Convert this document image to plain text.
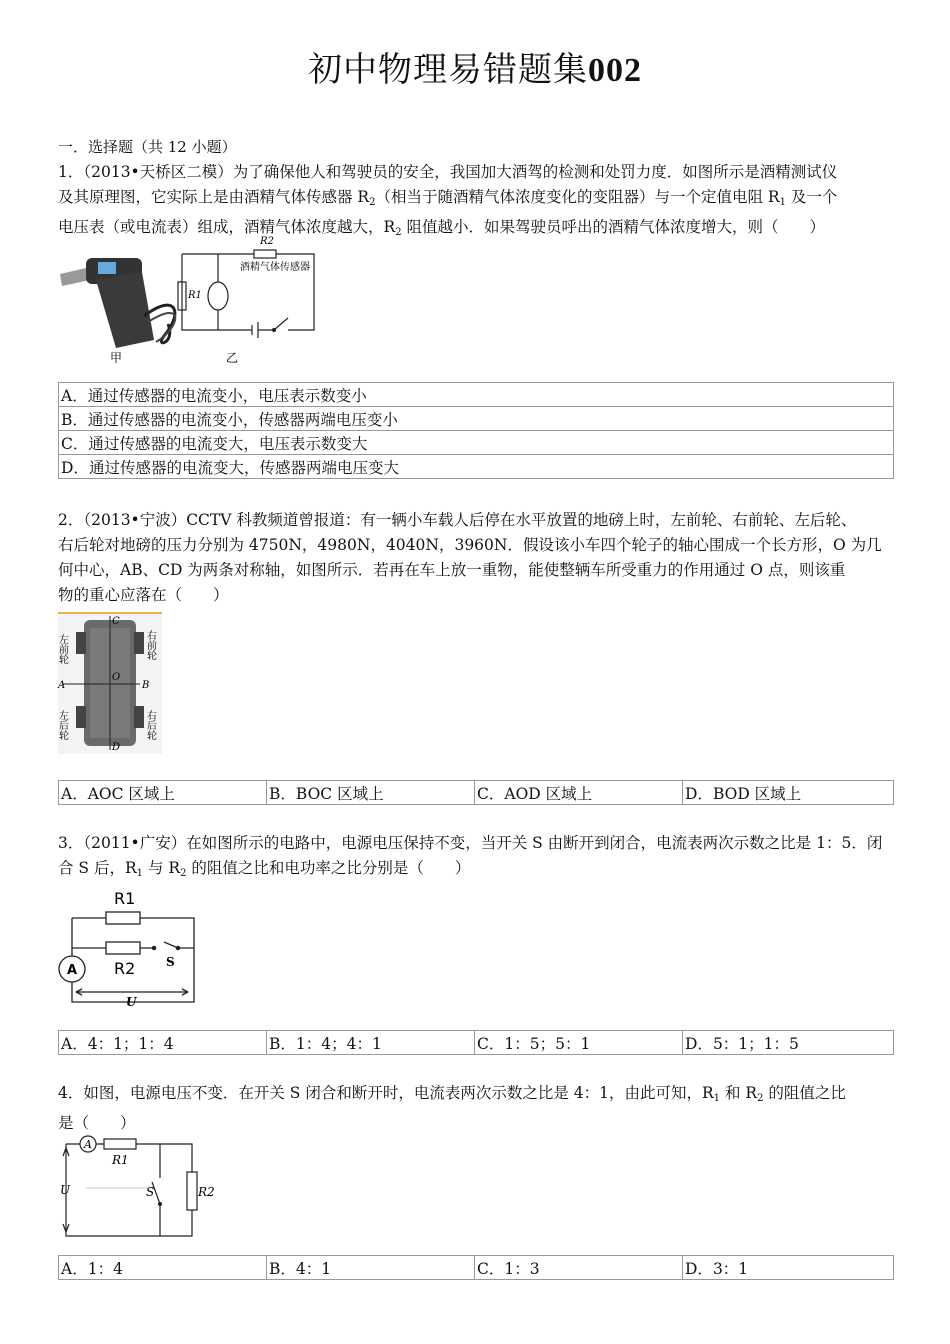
初中物理易错题集002
一．选择题（共 12 小题）
1．（2013•天桥区二模）为了确保他人和驾驶员的安全，我国加大酒驾的检测和处罚力度．如图所示是酒精测试仪
及其原理图，它实际上是由酒精气体传感器 $R_2$（相当于随酒精气体浓度变化的变阻器）与一个定值电阻 $R_1$ 及一个
电压表（或电流表）组成，酒精气体浓度越大，$R_2$ 阻值越小．如果驾驶员呼出的酒精气体浓度增大，则（　　）
甲
R2
R1
酒精气体传感器
乙
A．通过传感器的电流变小，电压表示数变小
B．通过传感器的电流变小，传感器两端电压变小
C．通过传感器的电流变大，电压表示数变大
D．通过传感器的电流变大，传感器两端电压变大
2．（2013•宁波）CCTV 科教频道曾报道：有一辆小车载人后停在水平放置的地磅上时，左前轮、右前轮、左后轮、
右后轮对地磅的压力分别为 4750N，4980N，4040N，3960N．假设该小车四个轮子的轴心围成一个长方形，O 为几
何中心，AB、CD 为两条对称轴，如图所示．若再在车上放一重物，能使整辆车所受重力的作用通过 O 点，则该重
物的重心应落在（　　）
左前轮	右前轮
左后轮	右后轮
A	B
C
D
O
A．AOC 区域上	B．BOC 区域上	C．AOD 区域上	D．BOD 区域上
3．（2011•广安）在如图所示的电路中，电源电压保持不变，当开关 S 由断开到闭合，电流表两次示数之比是 1：5．闭
合 S 后，$R_1$ 与 $R_2$ 的阻值之比和电功率之比分别是（　　）
R1
R2	S
A
U
A．4：1；1：4	B．1：4；4：1	C．1：5；5：1	D．5：1；1：5
4．如图，电源电压不变．在开关 S 闭合和断开时，电流表两次示数之比是 4：1，由此可知，$R_1$ 和 $R_2$ 的阻值之比
是（　　）
A
R1
R2
S
U
A．1：4	B．4：1	C．1：3	D．3：1
